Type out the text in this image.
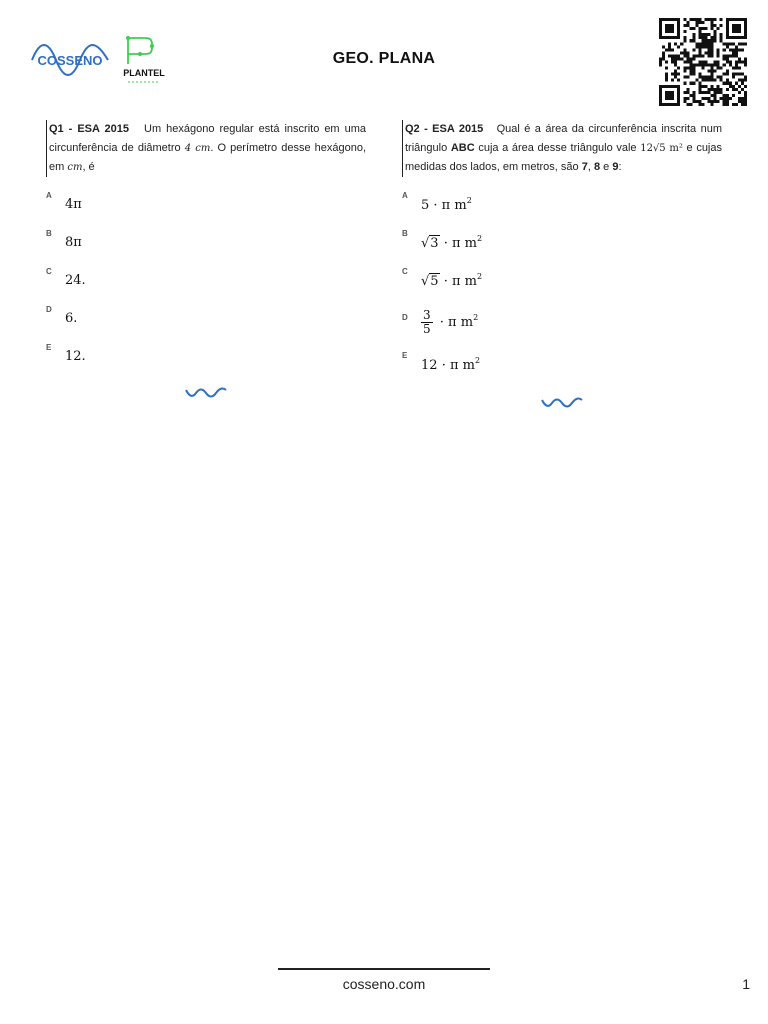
COSSENO
PLANTEL
GEO. PLANA

Q1 - ESA 2015 Um hexágono regular está inscrito em uma circunferência de diâmetro 4 cm. O perímetro desse hexágono, em cm, é

A
4π
B
8π
C
24.
D
6.
E
12.

Q2 - ESA 2015 Qual é a área da circunferência inscrita num triângulo ABC cuja a área desse triângulo vale 12√5 m² e cujas medidas dos lados, em metros, são 7, 8 e 9:

A
5 · π $m^2$
B
√3 · π $m^2$
C
√5 · π $m^2$
D	$\frac{3}{5} \cdot \pi$ $m^2$
E
12 · π $m^2$
cosseno.com	1
